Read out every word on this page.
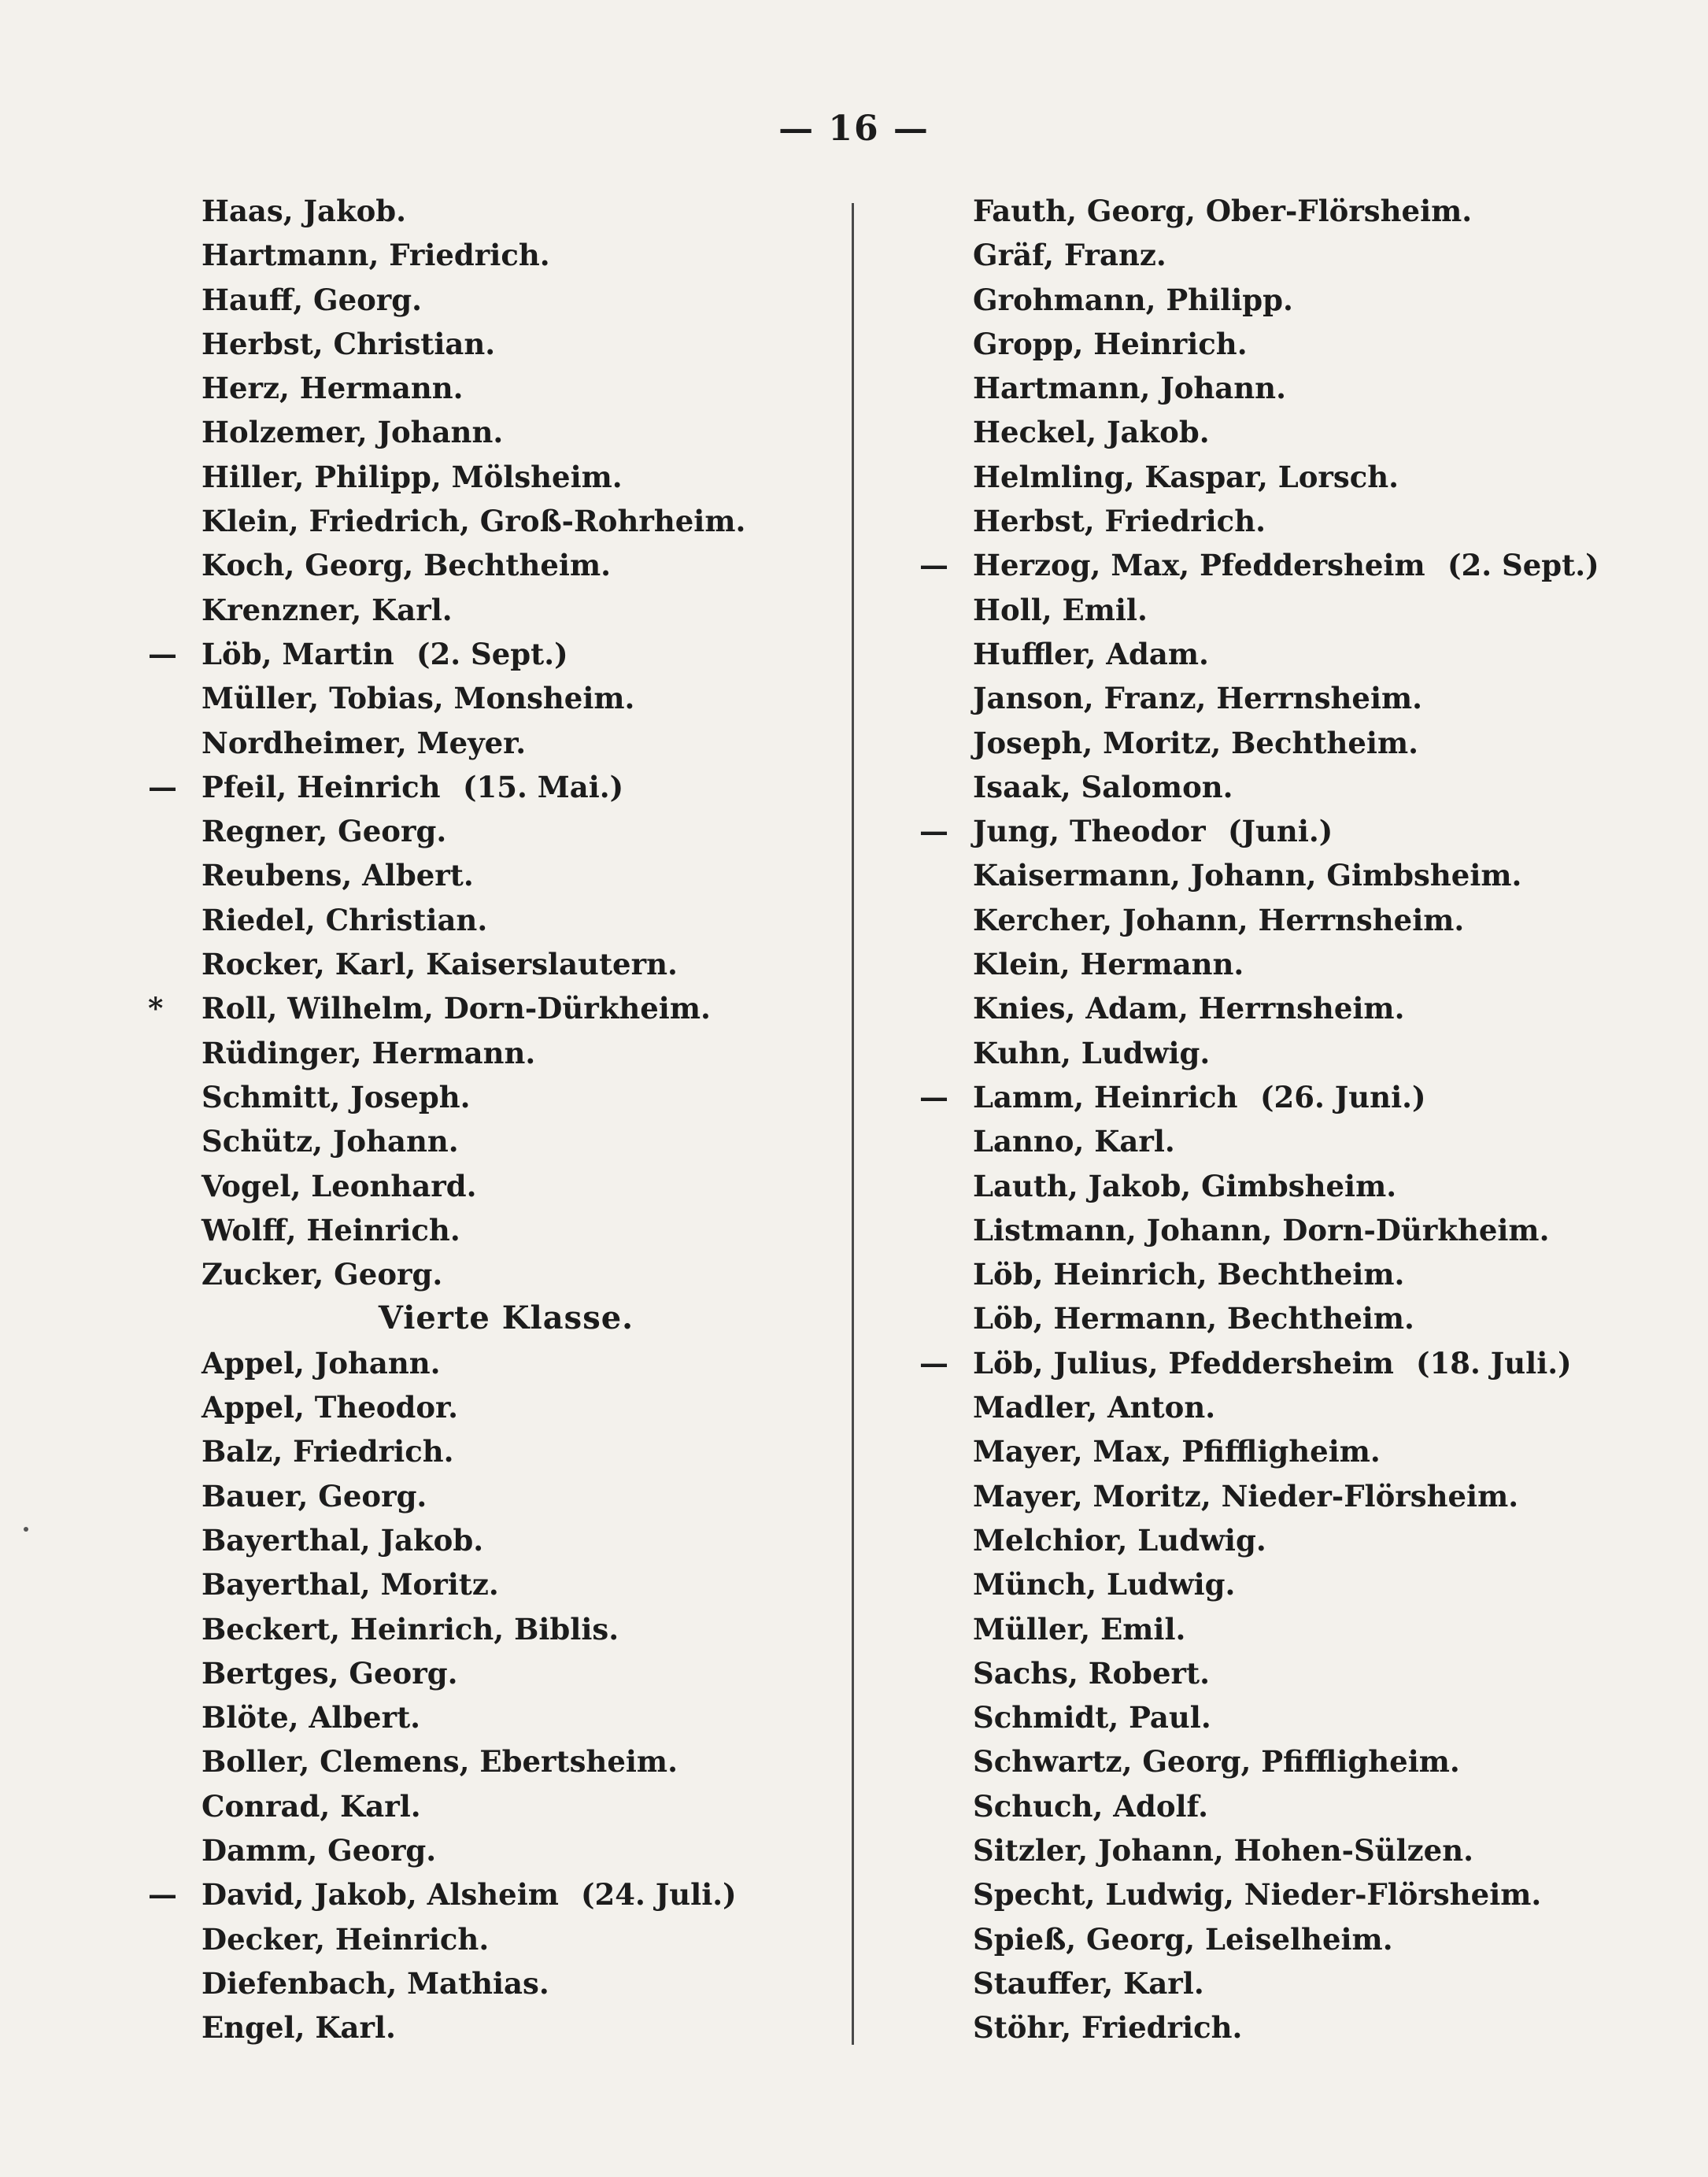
— 16 —
Haas, Jakob.
Hartmann, Friedrich.
Hauff, Georg.
Herbst, Christian.
Herz, Hermann.
Holzemer, Johann.
Hiller, Philipp, Mölsheim.
Klein, Friedrich, Groß-Rohrheim.
Koch, Georg, Bechtheim.
Krenzner, Karl.
— Löb, Martin (2. Sept.)
Müller, Tobias, Monsheim.
Nordheimer, Meyer.
— Pfeil, Heinrich (15. Mai.)
Regner, Georg.
Reubens, Albert.
Riedel, Christian.
Rocker, Karl, Kaiserslautern.
*	Roll, Wilhelm, Dorn-Dürkheim.
Rüdinger, Hermann.
Schmitt, Joseph.
Schütz, Johann.
Vogel, Leonhard.
Wolff, Heinrich.
Zucker, Georg.
Vierte Klasse.
Appel, Johann.
Appel, Theodor.
Balz, Friedrich.
Bauer, Georg.
Bayerthal, Jakob.
Bayerthal, Moritz.
Beckert, Heinrich, Biblis.
Bertges, Georg.
Blöte, Albert.
Boller, Clemens, Ebertsheim.
Conrad, Karl.
Damm, Georg.
— David, Jakob, Alsheim (24. Juli.)
Decker, Heinrich.
Diefenbach, Mathias.
Engel, Karl.
Fauth, Georg, Ober-Flörsheim.
Gräf, Franz.
Grohmann, Philipp.
Gropp, Heinrich.
Hartmann, Johann.
Heckel, Jakob.
Helmling, Kaspar, Lorsch.
Herbst, Friedrich.
— Herzog, Max, Pfeddersheim (2. Sept.)
Holl, Emil.
Huffler, Adam.
Janson, Franz, Herrnsheim.
Joseph, Moritz, Bechtheim.
Isaak, Salomon.
— Jung, Theodor (Juni.)
Kaisermann, Johann, Gimbsheim.
Kercher, Johann, Herrnsheim.
Klein, Hermann.
Knies, Adam, Herrnsheim.
Kuhn, Ludwig.
— Lamm, Heinrich (26. Juni.)
Lanno, Karl.
Lauth, Jakob, Gimbsheim.
Listmann, Johann, Dorn-Dürkheim.
Löb, Heinrich, Bechtheim.
Löb, Hermann, Bechtheim.
— Löb, Julius, Pfeddersheim (18. Juli.)
Madler, Anton.
Mayer, Max, Pfiffligheim.
Mayer, Moritz, Nieder-Flörsheim.
Melchior, Ludwig.
Münch, Ludwig.
Müller, Emil.
Sachs, Robert.
Schmidt, Paul.
Schwartz, Georg, Pfiffligheim.
Schuch, Adolf.
Sitzler, Johann, Hohen-Sülzen.
Specht, Ludwig, Nieder-Flörsheim.
Spieß, Georg, Leiselheim.
Stauffer, Karl.
Stöhr, Friedrich.
